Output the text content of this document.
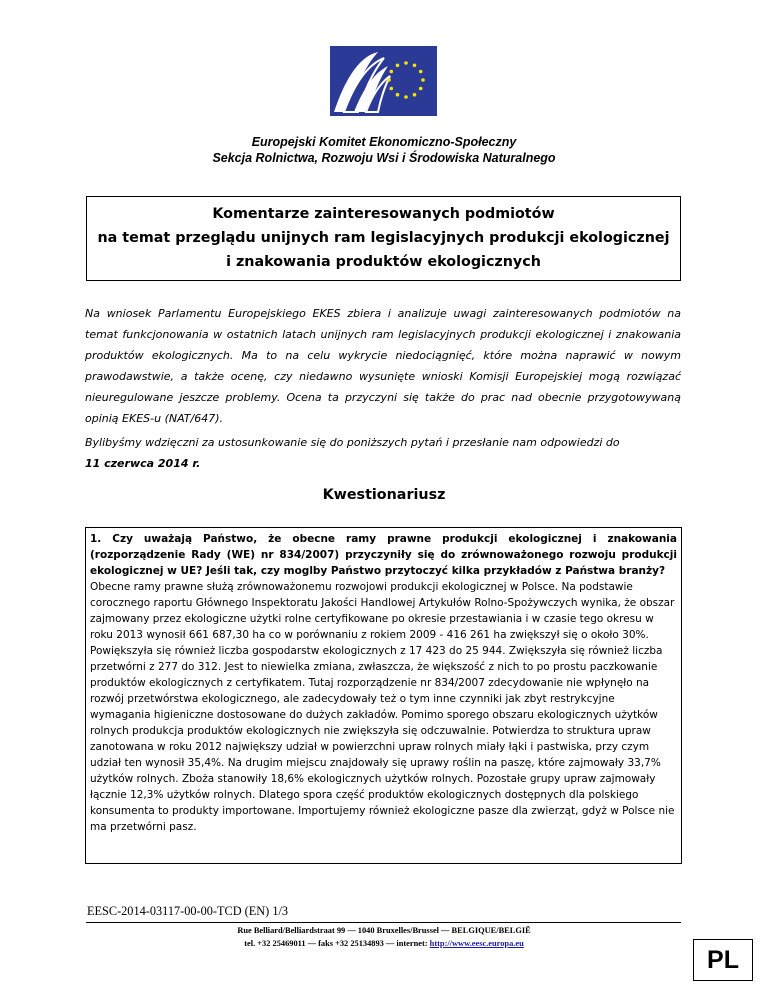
Europejski Komitet Ekonomiczno-Społeczny
Sekcja Rolnictwa, Rozwoju Wsi i Środowiska Naturalnego
Komentarze zainteresowanych podmiotów
na temat przeglądu unijnych ram legislacyjnych produkcji ekologicznej
i znakowania produktów ekologicznych
Na wniosek Parlamentu Europejskiego EKES zbiera i analizuje uwagi zainteresowanych podmiotów na temat funkcjonowania w ostatnich latach unijnych ram legislacyjnych produkcji ekologicznej i znakowania produktów ekologicznych. Ma to na celu wykrycie niedociągnięć, które można naprawić w nowym prawodawstwie, a także ocenę, czy niedawno wysunięte wnioski Komisji Europejskiej mogą rozwiązać nieuregulowane jeszcze problemy. Ocena ta przyczyni się także do prac nad obecnie przygotowywaną opinią EKES-u (NAT/647).
Bylibyśmy wdzięczni za ustosunkowanie się do poniższych pytań i przesłanie nam odpowiedzi do
11 czerwca 2014 r.
Kwestionariusz
1. Czy uważają Państwo, że obecne ramy prawne produkcji ekologicznej i znakowania (rozporządzenie Rady (WE) nr 834/2007) przyczyniły się do zrównoważonego rozwoju produkcji ekologicznej w UE? Jeśli tak, czy moglby Państwo przytoczyć kilka przykładów z Państwa branży?
Obecne ramy prawne służą zrównoważonemu rozwojowi produkcji ekologicznej w Polsce. Na podstawie corocznego raportu Głównego Inspektoratu Jakości Handlowej Artykułów Rolno-Spożywczych wynika, że obszar zajmowany przez ekologiczne użytki rolne certyfikowane po okresie przestawiania i w czasie tego okresu w roku 2013 wynosił 661 687,30 ha co w porównaniu z rokiem 2009 - 416 261 ha zwiększył się o około 30%. Powiększyła się również liczba gospodarstw ekologicznych z 17 423 do 25 944. Zwiększyła się również liczba przetwórni z 277 do 312. Jest to niewielka zmiana, zwłaszcza, że większość z nich to po prostu paczkowanie produktów ekologicznych z certyfikatem. Tutaj rozporządzenie nr 834/2007 zdecydowanie nie wpłynęło na rozwój przetwórstwa ekologicznego, ale zadecydowały też o tym inne czynniki jak zbyt restrykcyjne wymagania higieniczne dostosowane do dużych zakładów. Pomimo sporego obszaru ekologicznych użytków rolnych produkcja produktów ekologicznych nie zwiększyła się odczuwalnie. Potwierdza to struktura upraw zanotowana w roku 2012 największy udział w powierzchni upraw rolnych miały łąki i pastwiska, przy czym udział ten wynosił 35,4%. Na drugim miejscu znajdowały się uprawy roślin na paszę, które zajmowały 33,7% użytków rolnych. Zboża stanowiły 18,6% ekologicznych użytków rolnych. Pozostałe grupy upraw zajmowały łącznie 12,3% użytków rolnych. Dlatego spora część produktów ekologicznych dostępnych dla polskiego konsumenta to produkty importowane. Importujemy również ekologiczne pasze dla zwierząt, gdyż w Polsce nie ma przetwórni pasz.
EESC-2014-03117-00-00-TCD (EN) 1/3
Rue Belliard/Belliardstraat 99 — 1040 Bruxelles/Brussel — BELGIQUE/BELGIË
tel. +32 25469011 — faks +32 25134893 — internet: http://www.eesc.europa.eu
PL
